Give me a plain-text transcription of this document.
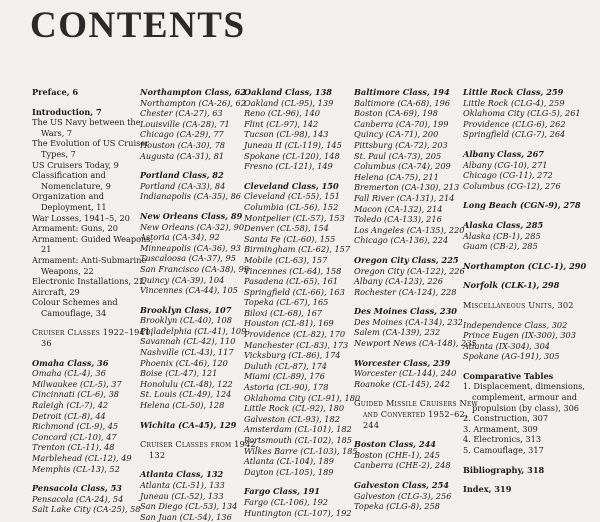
CONTENTS
Preface, 6
Introduction, 7
The US Navy between the Wars, 7
The Evolution of US Cruiser Types, 7
US Cruisers Today, 9
Classification and Nomenclature, 9
Organization and Deployment, 11
War Losses, 1941–5, 20
Armament: Guns, 20
Armament: Guided Weapons, 21
Armament: Anti-Submarine Weapons, 22
Electronic Installations, 22
Aircraft, 29
Colour Schemes and Camouflage, 34
Cruiser Classes 1922–1941, 36
Omaha Class, 36
Omaha (CL-4), 36
Milwaukee (CL-5), 37
Cincinnati (CL-6), 38
Raleigh (CL-7), 42
Detroit (CL-8), 44
Richmond (CL-9), 45
Concord (CL-10), 47
Trenton (CL-11), 48
Marblehead (CL-12), 49
Memphis (CL-13), 52
Pensacola Class, 53
Pensacola (CA-24), 54
Salt Lake City (CA-25), 58
Northampton Class, 62
Northampton (CA-26), 62
Chester (CA-27), 63
Louisville (CA-28), 71
Chicago (CA-29), 77
Houston (CA-30), 78
Augusta (CA-31), 81
Portland Class, 82
Portland (CA-33), 84
Indianapolis (CA-35), 86
New Orleans Class, 89
New Orleans (CA-32), 90
Astoria (CA-34), 92
Minneapolis (CA-36), 93
Tuscaloosa (CA-37), 95
San Francisco (CA-38), 99
Quincy (CA-39), 104
Vincennes (CA-44), 105
Brooklyn Class, 107
Brooklyn (CL-40), 108
Philadelphia (CL-41), 109
Savannah (CL-42), 110
Nashville (CL-43), 117
Phoenix (CL-46), 120
Boise (CL-47), 121
Honolulu (CL-48), 122
St. Louis (CL-49), 124
Helena (CL-50), 128
Wichita (CA-45), 129
Cruiser Classes from 1942, 132
Atlanta Class, 132
Atlanta (CL-51), 133
Juneau (CL-52), 133
San Diego (CL-53), 134
San Juan (CL-54), 136
Oakland Class, 138
Oakland (CL-95), 139
Reno (CL-96), 140
Flint (CL-97), 142
Tucson (CL-98), 143
Juneau II (CL-119), 145
Spokane (CL-120), 148
Fresno (CL-121), 149
Cleveland Class, 150
Cleveland (CL-55), 151
Columbia (CL-56), 152
Montpelier (CL-57), 153
Denver (CL-58), 154
Santa Fe (CL-60), 155
Birmingham (CL-62), 157
Mobile (CL-63), 157
Vincennes (CL-64), 158
Pasadena (CL-65), 161
Springfield (CL-66), 163
Topeka (CL-67), 165
Biloxi (CL-68), 167
Houston (CL-81), 169
Providence (CL-82), 170
Manchester (CL-83), 173
Vicksburg (CL-86), 174
Duluth (CL-87), 174
Miami (CL-89), 176
Astoria (CL-90), 178
Oklahoma City (CL-91), 180
Little Rock (CL-92), 180
Galveston (CL-93), 182
Amsterdam (CL-101), 182
Portsmouth (CL-102), 185
Wilkes Barre (CL-103), 185
Atlanta (CL-104), 189
Dayton (CL-105), 189
Fargo Class, 191
Fargo (CL-106), 192
Huntington (CL-107), 192
Baltimore Class, 194
Baltimore (CA-68), 196
Boston (CA-69), 198
Canberra (CA-70), 199
Quincy (CA-71), 200
Pittsburg (CA-72), 203
St. Paul (CA-73), 205
Columbus (CA-74), 209
Helena (CA-75), 211
Bremerton (CA-130), 213
Fall River (CA-131), 214
Macon (CA-132), 214
Toledo (CA-133), 216
Los Angeles (CA-135), 220
Chicago (CA-136), 224
Oregon City Class, 225
Oregon City (CA-122), 226
Albany (CA-123), 226
Rochester (CA-124), 228
Des Moines Class, 230
Des Moines (CA-134), 232
Salem (CA-139), 232
Newport News (CA-148), 235
Worcester Class, 239
Worcester (CL-144), 240
Roanoke (CL-145), 242
Guided Missile Cruisers New and Converted 1952–62, 244
Boston Class, 244
Boston (CHE-1), 245
Canberra (CHE-2), 248
Galveston Class, 254
Galveston (CLG-3), 256
Topeka (CLG-8), 258
Little Rock Class, 259
Little Rock (CLG-4), 259
Oklahoma City (CLG-5), 261
Providence (CLG-6), 262
Springfield (CLG-7), 264
Albany Class, 267
Albany (CG-10), 271
Chicago (CG-11), 272
Columbus (CG-12), 276
Long Beach (CGN-9), 278
Alaska Class, 285
Alaska (CB-1), 285
Guam (CB-2), 285
Northampton (CLC-1), 290
Norfolk (CLK-1), 298
Miscellaneous Units, 302
Independence Class, 302
Prince Eugen (IX-300), 303
Atlanta (IX-304), 304
Spokane (AG-191), 305
Comparative Tables
1. Displacement, dimensions, complement, armour and propulsion (by class), 306
2. Construction, 307
3. Armament, 309
4. Electronics, 313
5. Camouflage, 317
Bibliography, 318
Index, 319
